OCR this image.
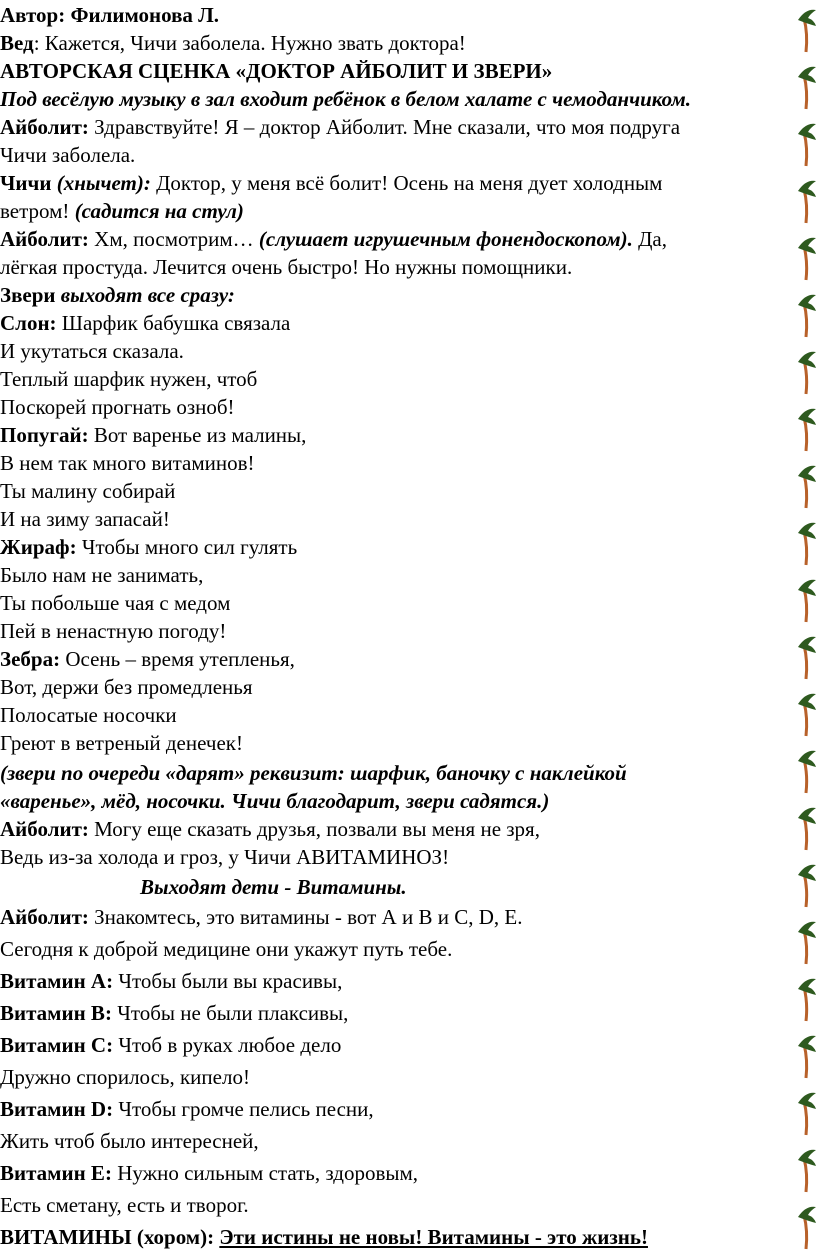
Автор: Филимонова Л.
Вед: Кажется, Чичи заболела. Нужно звать доктора!
АВТОРСКАЯ СЦЕНКА «ДОКТОР АЙБОЛИТ И ЗВЕРИ»
Под весёлую музыку в зал входит ребёнок в белом халате с чемоданчиком.
Айболит: Здравствуйте! Я – доктор Айболит. Мне сказали, что моя подруга
Чичи заболела.
Чичи (хнычет): Доктор, у меня всё болит! Осень на меня дует холодным
ветром! (садится на стул)
Айболит: Хм, посмотрим… (слушает игрушечным фонендоскопом). Да,
лёгкая простуда. Лечится очень быстро! Но нужны помощники.
Звери выходят все сразу:
Слон: Шарфик бабушка связала
И укутаться сказала.
Теплый шарфик нужен, чтоб
Поскорей прогнать озноб!
Попугай: Вот варенье из малины,
В нем так много витаминов!
Ты малину собирай
И на зиму запасай!
Жираф: Чтобы много сил гулять
Было нам не занимать,
Ты побольше чая с медом
Пей в ненастную погоду!
Зебра: Осень – время утепленья,
Вот, держи без промедленья
Полосатые носочки
Греют в ветреный денечек!
(звери по очереди «дарят» реквизит: шарфик, баночку с наклейкой
«варенье», мёд, носочки. Чичи благодарит, звери садятся.)
Айболит: Могу еще сказать друзья, позвали вы меня не зря,
Ведь из-за холода и гроз, у Чичи АВИТАМИНОЗ!
Выходят дети - Витамины.
Айболит: Знакомтесь, это витамины - вот А и В и С, D, Е.
Сегодня к доброй медицине они укажут путь тебе.
Витамин А: Чтобы были вы красивы,
Витамин В: Чтобы не были плаксивы,
Витамин С: Чтоб в руках любое дело
Дружно спорилось, кипело!
Витамин D: Чтобы громче пелись песни,
Жить чтоб было интересней,
Витамин Е: Нужно сильным стать, здоровым,
Есть сметану, есть и творог.
ВИТАМИНЫ (хором): Эти истины не новы! Витамины - это жизнь!
